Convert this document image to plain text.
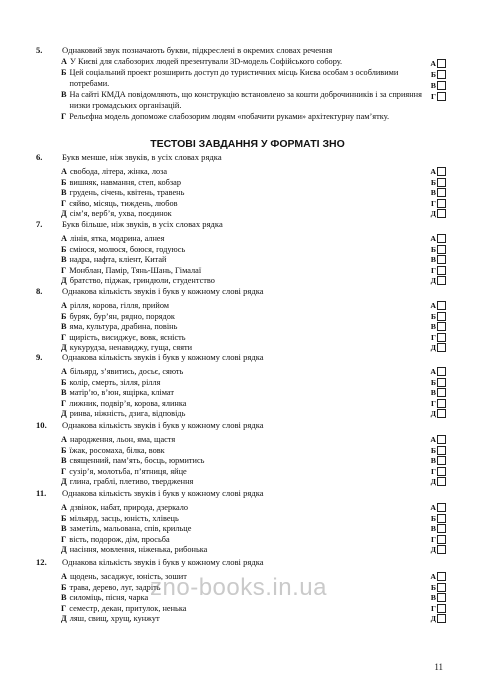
5.	Однаковий звук позначають букви, підкреслені в окремих словах речення
А У Києві для слабозорих людей презентували 3D-модель Софійського собору.
Б Цей соціальний проект розширить доступ до туристичних місць Києва особам з особливими потребами.
В На сайті КМДА повідомляють, що конструкцію встановлено за кошти доброчинників і за сприяння низки громадських організацій.
Г Рельєфна модель допоможе слабозорим людям «побачити руками» архітектурну пам’ятку.
А
Б
В
Г
ТЕСТОВІ ЗАВДАННЯ У ФОРМАТІ ЗНО
6.	Букв менше, ніж звуків, в усіх словах рядка
А свобода, літера, жінка, лоза
Б вишняк, навмання, степ, кобзар
В грудень, січень, квітень, травень
Г сяйво, місяць, тиждень, любов
Д сім’я, верб’я, ухва, поєдинок
А
Б
В
Г
Д
7.	Букв більше, ніж звуків, в усіх словах рядка
А лінія, ятка, модрина, алнея
Б сміюся, молюся, боюся, годуюсь
В надра, нафта, кліент, Китай
Г Монблан, Памір, Тянь-Шань, Гімалаї
Д братство, піджак, гриндюли, студентство
А
Б
В
Г
Д
8.	Однакова кількість звуків і букв у кожному слові рядка
А рілля, корова, гілля, прийом
Б буряк, бур’ян, рядно, порядок
В яма, культура, драбина, повінь
Г щирість, висиджує, вовк, ясність
Д кукурудза, ненавиджу, гуща, сяяти
А
Б
В
Г
Д
9.	Однакова кількість звуків і букв у кожному слові рядка
А більярд, з’явитись, досьє, сяють
Б колір, смерть, зілля, рілля
В матір’ю, в’юн, ящірка, клімат
Г лижник, подвір’я, корова, ялинка
Д ринва, ніжність, дзига, відповідь
А
Б
В
Г
Д
10.	Однакова кількість звуків і букв у кожному слові рядка
А народження, льон, яма, щастя
Б їжак, росомаха, білка, вовк
В священний, пам’ять, босць, юрмитись
Г сузір’я, молотьба, п’ятниця, яйце
Д глина, граблі, плетиво, твердження
А
Б
В
Г
Д
11.	Однакова кількість звуків і букв у кожному слові рядка
А дзвінок, набат, природа, дзеркало
Б мільярд, засць, юність, хлівець
В заметіль, мальована, спів, крильце
Г вість, подорож, дім, просьба
Д насіння, мовлення, ніженька, рибонька
А
Б
В
Г
Д
12.	Однакова кількість звуків і букв у кожному слові рядка
А щодень, засаджує, юність, зошит
Б трава, дерево, луг, задріть
В силоміць, пісня, чарка
Г семестр, декан, притулок, ненька
Д ляш, свищ, хрущ, кунжут
А
Б
В
Г
Д
zno-books.in.ua
11
